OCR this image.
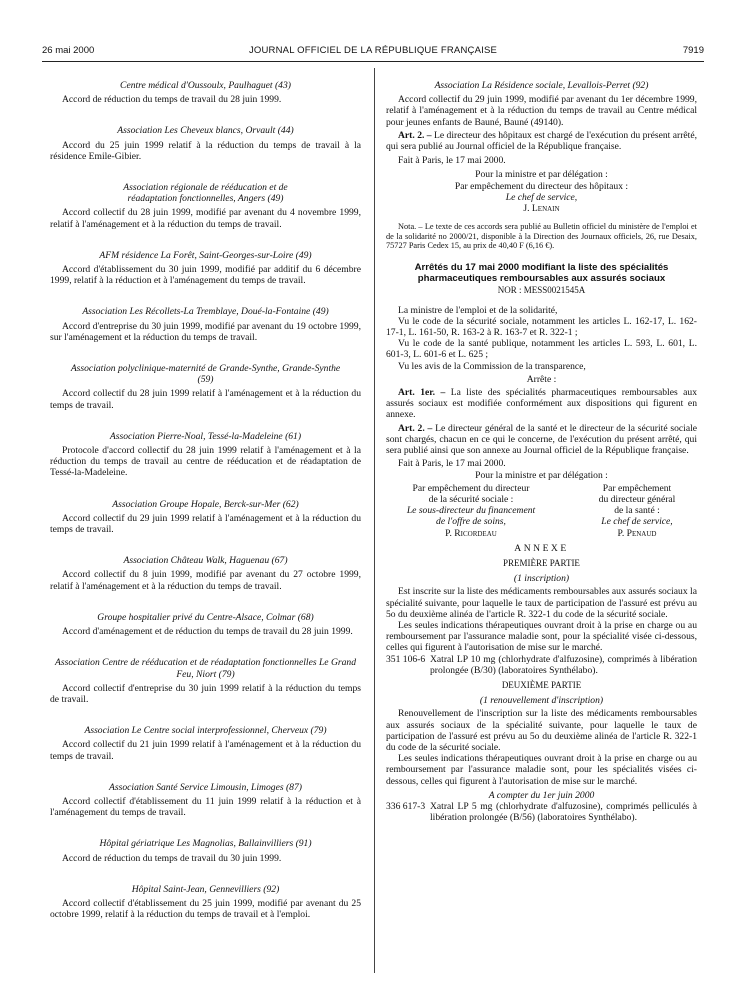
26 mai 2000	JOURNAL OFFICIEL DE LA RÉPUBLIQUE FRANÇAISE	7919

Centre médical d'Oussoulx, Paulhaguet (43)

Accord de réduction du temps de travail du 28 juin 1999.

Association Les Cheveux blancs, Orvault (44)

Accord du 25 juin 1999 relatif à la réduction du temps de travail à la résidence Emile-Gibier.

Association régionale de rééducation et de réadaptation fonctionnelles, Angers (49)

Accord collectif du 28 juin 1999, modifié par avenant du 4 novembre 1999, relatif à l'aménagement et à la réduction du temps de travail.

AFM résidence La Forêt, Saint-Georges-sur-Loire (49)

Accord d'établissement du 30 juin 1999, modifié par additif du 6 décembre 1999, relatif à la réduction et à l'aménagement du temps de travail.

Association Les Récollets-La Tremblaye, Doué-la-Fontaine (49)

Accord d'entreprise du 30 juin 1999, modifié par avenant du 19 octobre 1999, sur l'aménagement et la réduction du temps de travail.

Association polyclinique-maternité de Grande-Synthe, Grande-Synthe (59)

Accord collectif du 28 juin 1999 relatif à l'aménagement et à la réduction du temps de travail.

Association Pierre-Noal, Tessé-la-Madeleine (61)

Protocole d'accord collectif du 28 juin 1999 relatif à l'aménagement et à la réduction du temps de travail au centre de rééducation et de réadaptation de Tessé-la-Madeleine.

Association Groupe Hopale, Berck-sur-Mer (62)

Accord collectif du 29 juin 1999 relatif à l'aménagement et à la réduction du temps de travail.

Association Château Walk, Haguenau (67)

Accord collectif du 8 juin 1999, modifié par avenant du 27 octobre 1999, relatif à l'aménagement et à la réduction du temps de travail.

Groupe hospitalier privé du Centre-Alsace, Colmar (68)

Accord d'aménagement et de réduction du temps de travail du 28 juin 1999.

Association Centre de rééducation et de réadaptation fonctionnelles Le Grand Feu, Niort (79)

Accord collectif d'entreprise du 30 juin 1999 relatif à la réduction du temps de travail.

Association Le Centre social interprofessionnel, Cherveux (79)

Accord collectif du 21 juin 1999 relatif à l'aménagement et à la réduction du temps de travail.

Association Santé Service Limousin, Limoges (87)

Accord collectif d'établissement du 11 juin 1999 relatif à la réduction et à l'aménagement du temps de travail.

Hôpital gériatrique Les Magnolias, Ballainvilliers (91)

Accord de réduction du temps de travail du 30 juin 1999.

Hôpital Saint-Jean, Gennevilliers (92)

Accord collectif d'établissement du 25 juin 1999, modifié par avenant du 25 octobre 1999, relatif à la réduction du temps de travail et à l'emploi.

Association La Résidence sociale, Levallois-Perret (92)

Accord collectif du 29 juin 1999, modifié par avenant du 1er décembre 1999, relatif à l'aménagement et à la réduction du temps de travail au Centre médical pour jeunes enfants de Bauné, Bauné (49140).

Art. 2. – Le directeur des hôpitaux est chargé de l'exécution du présent arrêté, qui sera publié au Journal officiel de la République française.

Fait à Paris, le 17 mai 2000.

Pour la ministre et par délégation :

Par empêchement du directeur des hôpitaux :

Le chef de service,

J. Lenain

Nota. – Le texte de ces accords sera publié au Bulletin officiel du ministère de l'emploi et de la solidarité no 2000/21, disponible à la Direction des Journaux officiels, 26, rue Desaix, 75727 Paris Cedex 15, au prix de 40,40 F (6,16 €).

Arrêtés du 17 mai 2000 modifiant la liste des spécialités pharmaceutiques remboursables aux assurés sociaux

NOR : MESS0021545A

La ministre de l'emploi et de la solidarité,

Vu le code de la sécurité sociale, notamment les articles L. 162-17, L. 162-17-1, L. 161-50, R. 163-2 à R. 163-7 et R. 322-1 ;

Vu le code de la santé publique, notamment les articles L. 593, L. 601, L. 601-3, L. 601-6 et L. 625 ;

Vu les avis de la Commission de la transparence,

Arrête :

Art. 1er. – La liste des spécialités pharmaceutiques remboursables aux assurés sociaux est modifiée conformément aux dispositions qui figurent en annexe.

Art. 2. – Le directeur général de la santé et le directeur de la sécurité sociale sont chargés, chacun en ce qui le concerne, de l'exécution du présent arrêté, qui sera publié ainsi que son annexe au Journal officiel de la République française.

Fait à Paris, le 17 mai 2000.

Pour la ministre et par délégation :

Par empêchement du directeur

de la sécurité sociale :

Le sous-directeur du financement

de l'offre de soins,

P. Ricordeau

Par empêchement

du directeur général

de la santé :

Le chef de service,

P. Penaud

ANNEXE

PREMIÈRE PARTIE

(1 inscription)

Est inscrite sur la liste des médicaments remboursables aux assurés sociaux la spécialité suivante, pour laquelle le taux de participation de l'assuré est prévu au 5o du deuxième alinéa de l'article R. 322-1 du code de la sécurité sociale.

Les seules indications thérapeutiques ouvrant droit à la prise en charge ou au remboursement par l'assurance maladie sont, pour la spécialité visée ci-dessous, celles qui figurent à l'autorisation de mise sur le marché.

351 106-6 Xatral LP 10 mg (chlorhydrate d'alfuzosine), comprimés à libération prolongée (B/30) (laboratoires Synthélabo).

DEUXIÈME PARTIE

(1 renouvellement d'inscription)

Renouvellement de l'inscription sur la liste des médicaments remboursables aux assurés sociaux de la spécialité suivante, pour laquelle le taux de participation de l'assuré est prévu au 5o du deuxième alinéa de l'article R. 322-1 du code de la sécurité sociale.

Les seules indications thérapeutiques ouvrant droit à la prise en charge ou au remboursement par l'assurance maladie sont, pour les spécialités visées ci-dessous, celles qui figurent à l'autorisation de mise sur le marché.

A compter du 1er juin 2000

336 617-3 Xatral LP 5 mg (chlorhydrate d'alfuzosine), comprimés pelliculés à libération prolongée (B/56) (laboratoires Synthélabo).
